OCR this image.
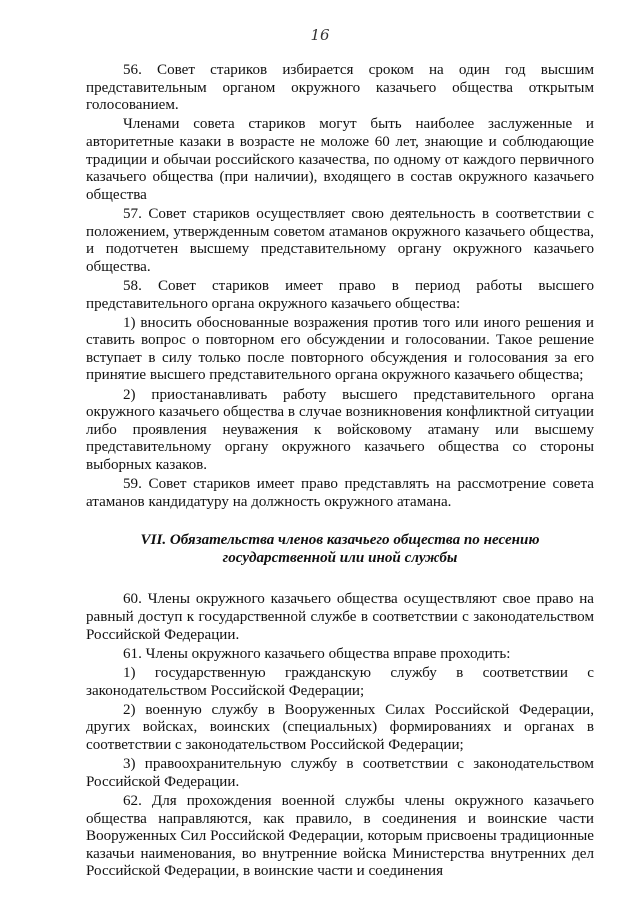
16

56. Совет стариков избирается сроком на один год высшим представительным органом окружного казачьего общества открытым голосованием.

Членами совета стариков могут быть наиболее заслуженные и авторитетные казаки в возрасте не моложе 60 лет, знающие и соблюдающие традиции и обычаи российского казачества, по одному от каждого первичного казачьего общества (при наличии), входящего в состав окружного казачьего общества

57. Совет стариков осуществляет свою деятельность в соответствии с положением, утвержденным советом атаманов окружного казачьего общества, и подотчетен высшему представительному органу окружного казачьего общества.

58. Совет стариков имеет право в период работы высшего представительного органа окружного казачьего общества:

1) вносить обоснованные возражения против того или иного решения и ставить вопрос о повторном его обсуждении и голосовании. Такое решение вступает в силу только после повторного обсуждения и голосования за его принятие высшего представительного органа окружного казачьего общества;

2) приостанавливать работу высшего представительного органа окружного казачьего общества в случае возникновения конфликтной ситуации либо проявления неуважения к войсковому атаману или высшему представительному органу окружного казачьего общества со стороны выборных казаков.

59. Совет стариков имеет право представлять на рассмотрение совета атаманов кандидатуру на должность окружного атамана.

VII. Обязательства членов казачьего общества по несению
государственной или иной службы

60. Члены окружного казачьего общества осуществляют свое право на равный доступ к государственной службе в соответствии с законодательством Российской Федерации.

61. Члены окружного казачьего общества вправе проходить:

1) государственную гражданскую службу в соответствии с законодательством Российской Федерации;

2) военную службу в Вооруженных Силах Российской Федерации, других войсках, воинских (специальных) формированиях и органах в соответствии с законодательством Российской Федерации;

3) правоохранительную службу в соответствии с законодательством Российской Федерации.

62. Для прохождения военной службы члены окружного казачьего общества направляются, как правило, в соединения и воинские части Вооруженных Сил Российской Федерации, которым присвоены традиционные казачьи наименования, во внутренние войска Министерства внутренних дел Российской Федерации, в воинские части и соединения
